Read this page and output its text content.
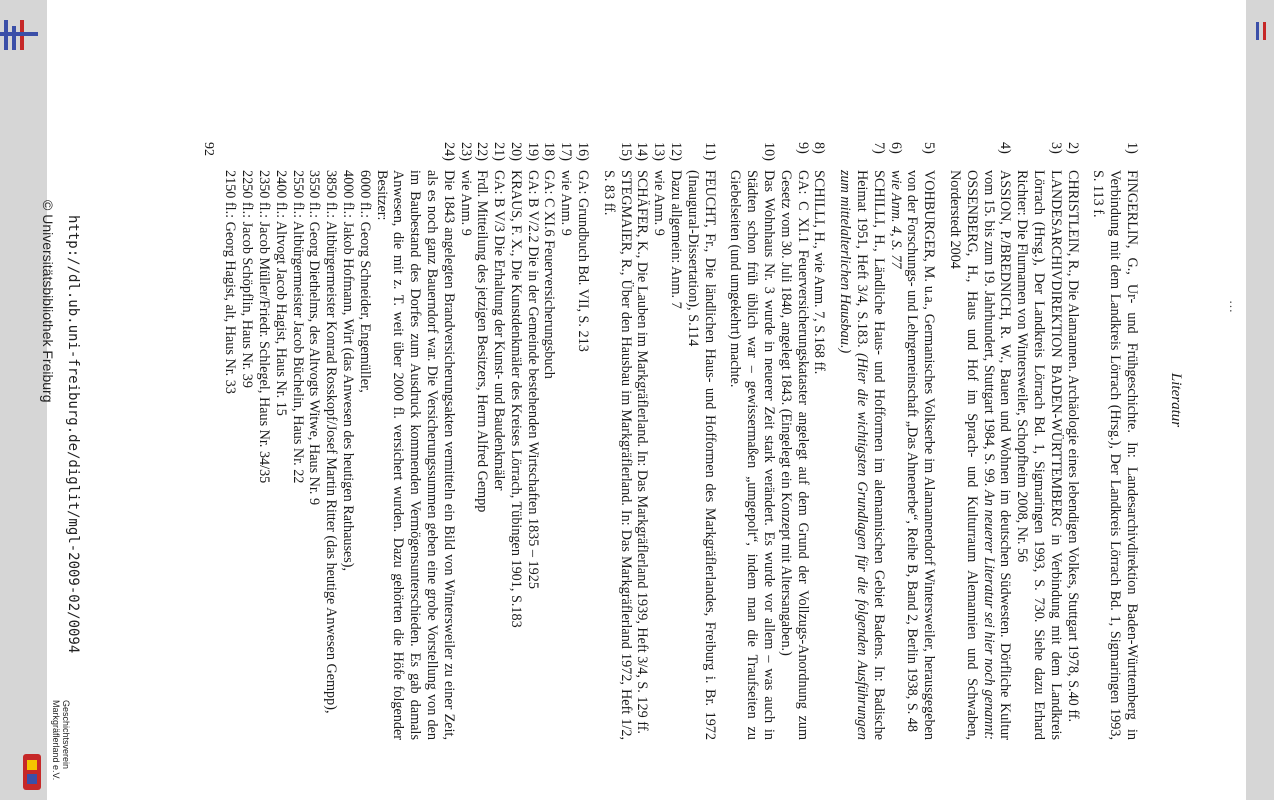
…
Literatur
1)
FINGERLIN, G., Ur- und Frühgeschichte. In: Landesarchivdirektion Baden-Württemberg in Verbindung mit dem Landkreis Lörrach (Hrsg.), Der Landkreis Lörrach Bd. 1, Sigmaringen 1993, S. 113 f.
2)
CHRISTLEIN, R., Die Alamannen. Archäologie eines lebendigen Volkes, Stuttgart 1978, S.40 ff.
3)
LANDESARCHIVDIREKTION BADEN-WÜRTTEMBERG in Verbindung mit dem Landkreis Lörrach (Hrsg.), Der Landkreis Lörrach Bd. 1, Sigmaringen 1993, S. 730. Siehe dazu Erhard Richter: Die Flurnamen von Wintersweiler, Schopfheim 2008, Nr. 56
4)
ASSION, P./BREDNICH, R. W., Bauen und Wohnen im deutschen Südwesten. Dörfliche Kultur vom 15. bis zum 19. Jahrhundert, Stuttgart 1984, S. 99. An neuerer Literatur sei hier noch genannt: OSSENBERG, H., Haus und Hof im Sprach- und Kulturraum Alemannien und Schwaben, Norderstedt 2004
5)
VOHBURGER, M. u.a., Germanisches Volkserbe im Alamannendorf Wintersweiler, herausgegeben von der Forschungs- und Lehrgemeinschaft „Das Ahnenerbe“, Reihe B, Band 2, Berlin 1938, S. 48
6)
wie Anm. 4, S. 77
7)
SCHILLI, H., Ländliche Haus- und Hofformen im alemannischen Gebiet Badens. In: Badische Heimat 1951, Heft 3/4, S.183. (Hier die wichtigsten Grundlagen für die folgenden Ausführungen zum mittelalterlichen Hausbau.)
8)
SCHILLI, H., wie Anm. 7, S.168 ff.
9)
GA: C XI.1 Feuerversicherungskataster angelegt auf dem Grund der Vollzugs-Anordnung zum Gesetz vom 30. Juli 1840, angelegt 1843. (Eingelegt ein Konzept mit Altersangaben.)
10)
Das Wohnhaus Nr. 3 wurde in neuerer Zeit stark verändert. Es wurde vor allem – was auch in Städten schon früh üblich war – gewissermaßen „umgepolt“, indem man die Traufseiten zu Giebelseiten (und umgekehrt) machte.
11)
FEUCHT, Fr., Die ländlichen Haus- und Hofformen des Markgräflerlandes, Freiburg i. Br. 1972 (Inaugural-Dissertation), S.114
12)
Dazu allgemein: Anm. 7
13)
wie Anm. 9
14)
SCHÄFER, K., Die Lauben im Markgräflerland. In: Das Markgräflerland 1939, Heft 3/4, S. 129 ff.
15)
STEGMAIER, R., Über den Hausbau im Markgräflerland. In: Das Markgräflerland 1972, Heft 1/2, S. 83 ff.
16)
GA: Grundbuch Bd. VII, S. 213
17)
wie Anm. 9
18)
GA: C XI.6 Feuerversicherungsbuch
19)
GA: B V/2.2 Die in der Gemeinde bestehenden Wirtschaften 1835 – 1925
20)
KRAUS, F. X., Die Kunstdenkmäler des Kreises Lörrach, Tübingen 1901, S.183
21)
GA: B V/3 Die Erhaltung der Kunst- und Baudenkmäler
22)
Frdl. Mitteilung des jetzigen Besitzers, Herrn Alfred Gempp
23)
wie Anm. 9
24)
Die 1843 angelegten Brandversicherungsakten vermitteln ein Bild von Wintersweiler zu einer Zeit, als es noch ganz Bauerndorf war. Die Versicherungssummen geben eine grobe Vorstellung von den im Baubestand des Dorfes zum Ausdruck kommenden Vermögensunterschieden. Es gab damals Anwesen, die mit z. T. weit über 2000 fl. versichert wurden. Dazu gehörten die Höfe folgender Besitzer:
6000 fl.: Georg Schneider, Engemüller,
4000 fl.: Jakob Hofmann, Wirt (das Anwesen des heutigen Rathauses),
3850 fl.: Altbürgermeister Konrad Rosskopf/Josef Martin Ritter (das heutige Anwesen Gempp),
3550 fl.: Georg Diethelms, des Altvogts Witwe, Haus Nr. 9
2550 fl.: Altbürgermeister Jacob Büchelin, Haus Nr. 22
2400 fl.: Altvogt Jacob Hagist, Haus Nr. 15
2350 fl.: Jacob Müller/Friedr. Schlegel, Haus Nr. 34/35
2250 fl.: Jacob Schöpflin, Haus Nr. 39
2150 fl.: Georg Hagist, alt, Haus Nr. 33
92
http://dl.ub.uni-freiburg.de/diglit/mgl-2009-02/0094
© Universitätsbibliothek Freiburg
Geschichtsverein
Markgräflerland e.V.
